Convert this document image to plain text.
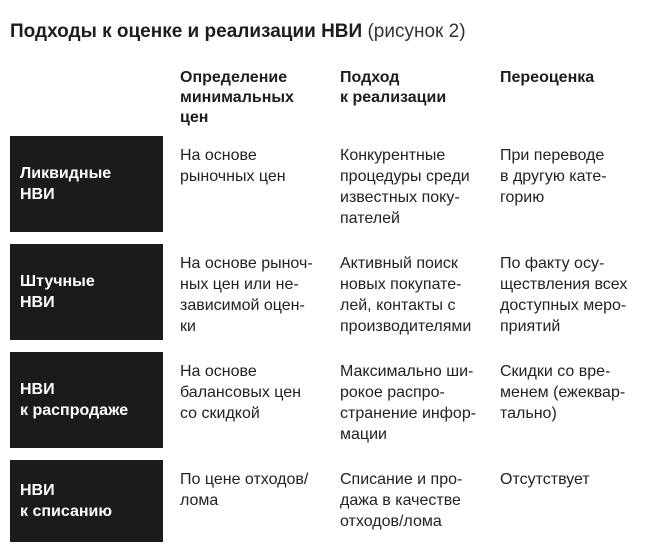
Подходы к оценке и реализации НВИ (рисунок 2)
Определение
минимальных
цен
Подход
к реализации
Переоценка
Ликвидные
НВИ
На основе
рыночных цен
Конкурентные
процедуры среди
известных поку-
пателей
При переводе
в другую кате-
горию
Штучные
НВИ
На основе рыноч-
ных цен или не-
зависимой оцен-
ки
Активный поиск
новых покупате-
лей, контакты с
производителями
По факту осу-
ществления всех
доступных меро-
приятий
НВИ
к распродаже
На основе
балансовых цен
со скидкой
Максимально ши-
рокое распро-
странение инфор-
мации
Скидки со вре-
менем (ежеквар-
тально)
НВИ
к списанию
По цене отходов/
лома
Списание и про-
дажа в качестве
отходов/лома
Отсутствует
